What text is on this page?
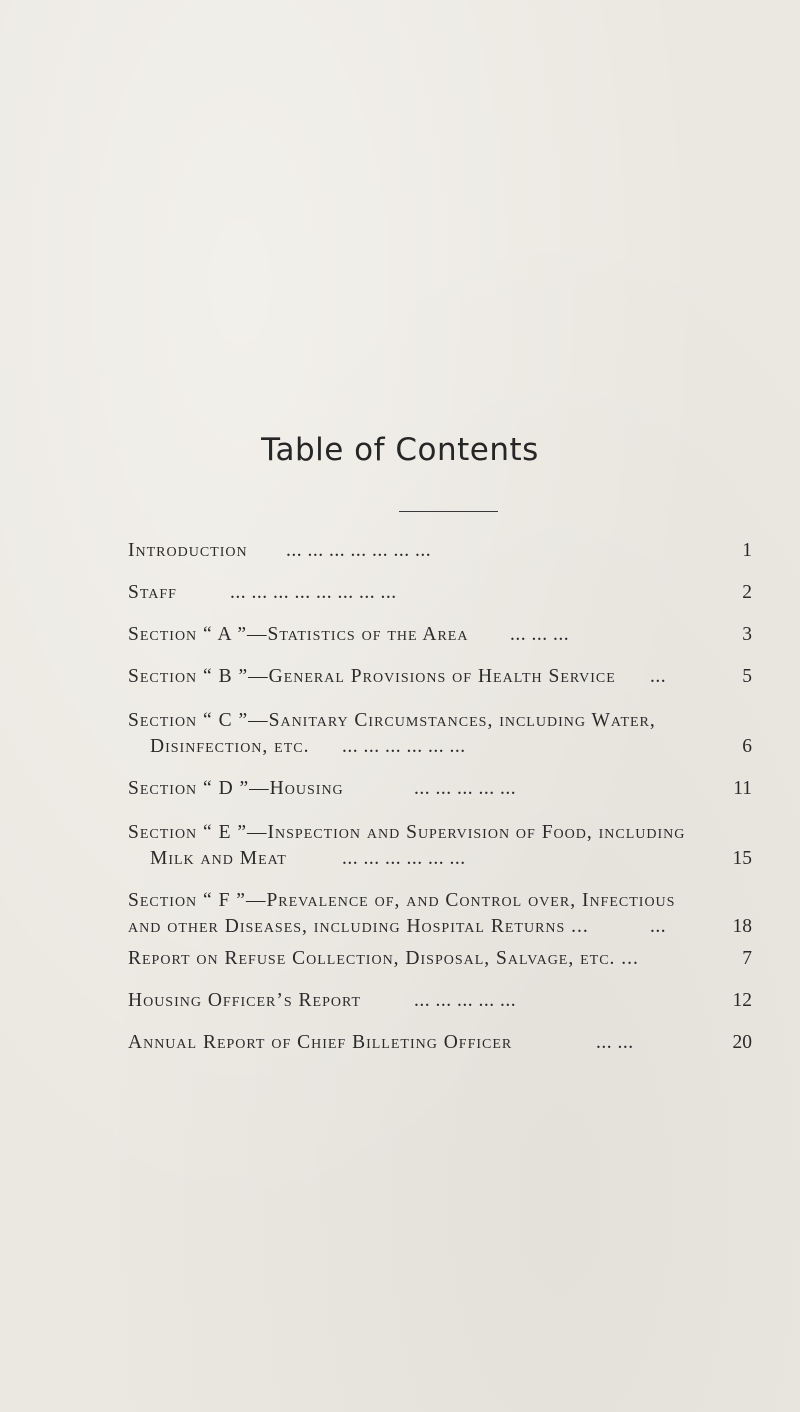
Table of Contents
Introduction ... ... ... ... ... ... ...	1
Staff	... ... ... ... ... ... ... ...	2
Section “ A ”—Statistics of the Area ... ... ...	3
Section “ B ”—General Provisions of Health Service ...	5
Section “ C ”—Sanitary Circumstances, including Water,
Disinfection, etc. ... ... ... ... ... ...	6
Section “ D ”—Housing	... ... ... ... ...	11
Section “ E ”—Inspection and Supervision of Food, including
Milk and Meat	... ... ... ... ... ...	15
Section “ F ”—Prevalence of, and Control over, Infectious
and other Diseases, including Hospital Returns ...	...	18
Report on Refuse Collection, Disposal, Salvage, etc. ...	7
Housing Officer’s Report	... ... ... ... ...	12
Annual Report of Chief Billeting Officer	... ...	20
